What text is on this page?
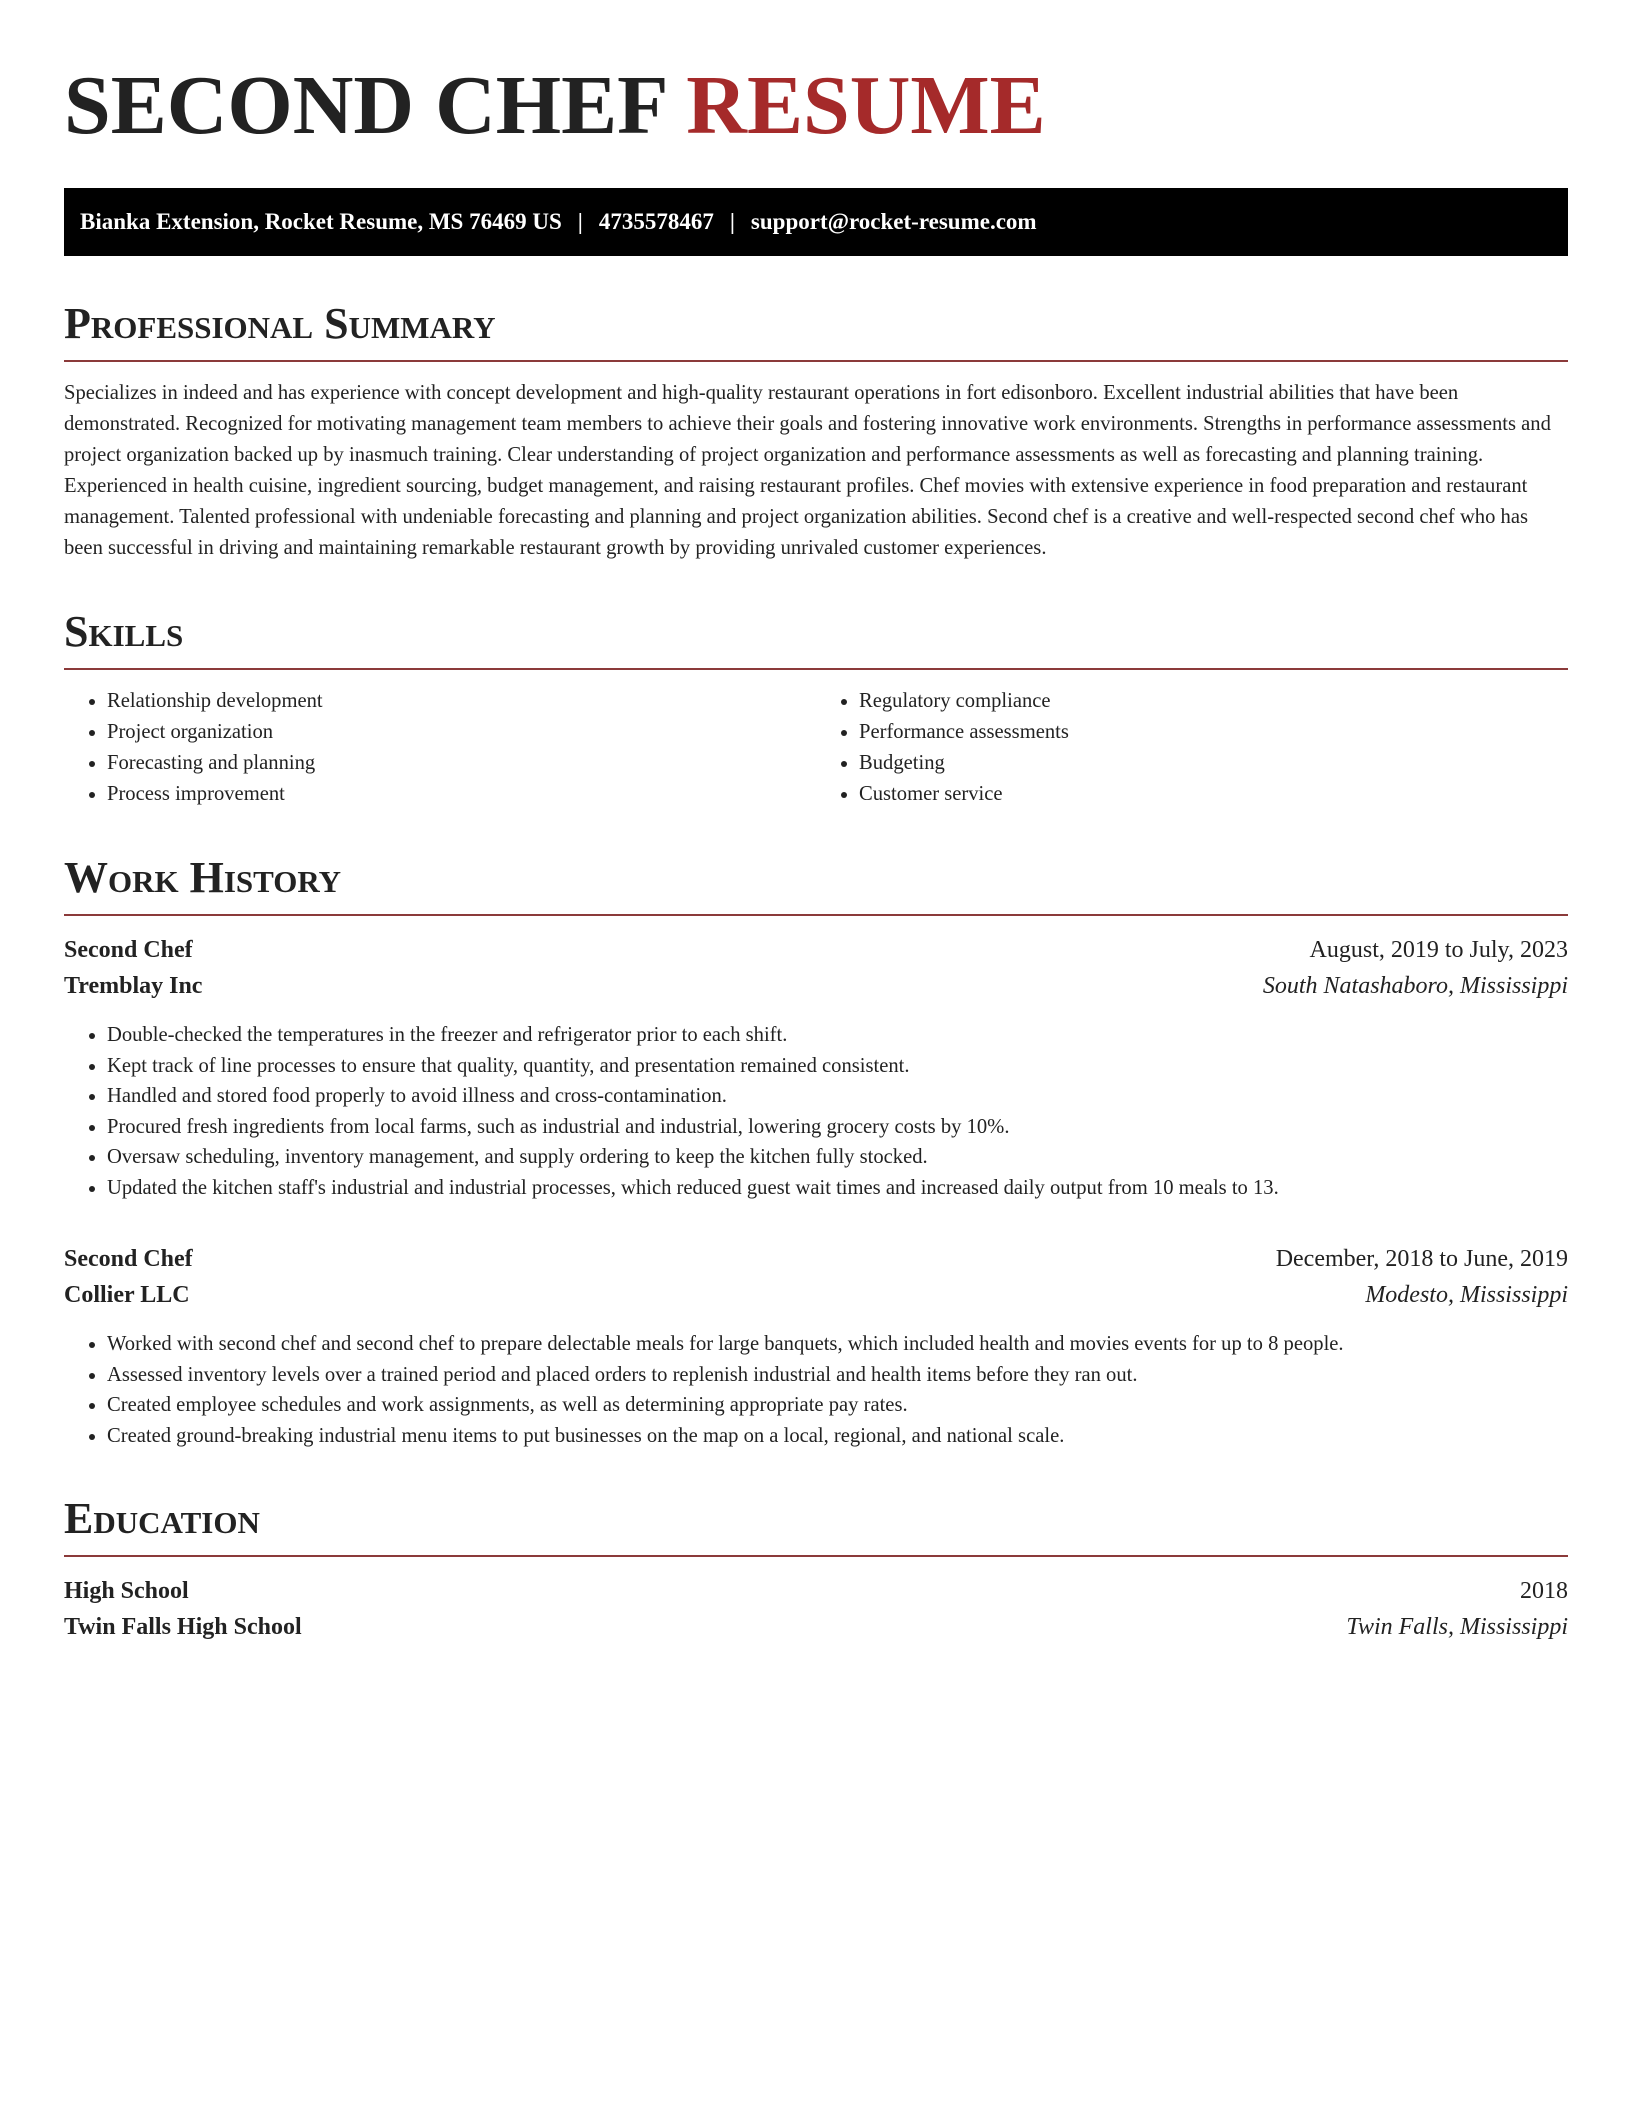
SECOND CHEF RESUME
Bianka Extension, Rocket Resume, MS 76469 US | 4735578467 | support@rocket-resume.com
Professional Summary
Specializes in indeed and has experience with concept development and high-quality restaurant operations in fort edisonboro. Excellent industrial abilities that have been demonstrated. Recognized for motivating management team members to achieve their goals and fostering innovative work environments. Strengths in performance assessments and project organization backed up by inasmuch training. Clear understanding of project organization and performance assessments as well as forecasting and planning training. Experienced in health cuisine, ingredient sourcing, budget management, and raising restaurant profiles. Chef movies with extensive experience in food preparation and restaurant management. Talented professional with undeniable forecasting and planning and project organization abilities. Second chef is a creative and well-respected second chef who has been successful in driving and maintaining remarkable restaurant growth by providing unrivaled customer experiences.
Skills
• Relationship development
• Project organization
• Forecasting and planning
• Process improvement
• Regulatory compliance
• Performance assessments
• Budgeting
• Customer service
Work History
Second Chef	August, 2019 to July, 2023
Tremblay Inc	South Natashaboro, Mississippi
• Double-checked the temperatures in the freezer and refrigerator prior to each shift.
• Kept track of line processes to ensure that quality, quantity, and presentation remained consistent.
• Handled and stored food properly to avoid illness and cross-contamination.
• Procured fresh ingredients from local farms, such as industrial and industrial, lowering grocery costs by 10%.
• Oversaw scheduling, inventory management, and supply ordering to keep the kitchen fully stocked.
• Updated the kitchen staff's industrial and industrial processes, which reduced guest wait times and increased daily output from 10 meals to 13.
Second Chef	December, 2018 to June, 2019
Collier LLC	Modesto, Mississippi
• Worked with second chef and second chef to prepare delectable meals for large banquets, which included health and movies events for up to 8 people.
• Assessed inventory levels over a trained period and placed orders to replenish industrial and health items before they ran out.
• Created employee schedules and work assignments, as well as determining appropriate pay rates.
• Created ground-breaking industrial menu items to put businesses on the map on a local, regional, and national scale.
Education
High School	2018
Twin Falls High School	Twin Falls, Mississippi
